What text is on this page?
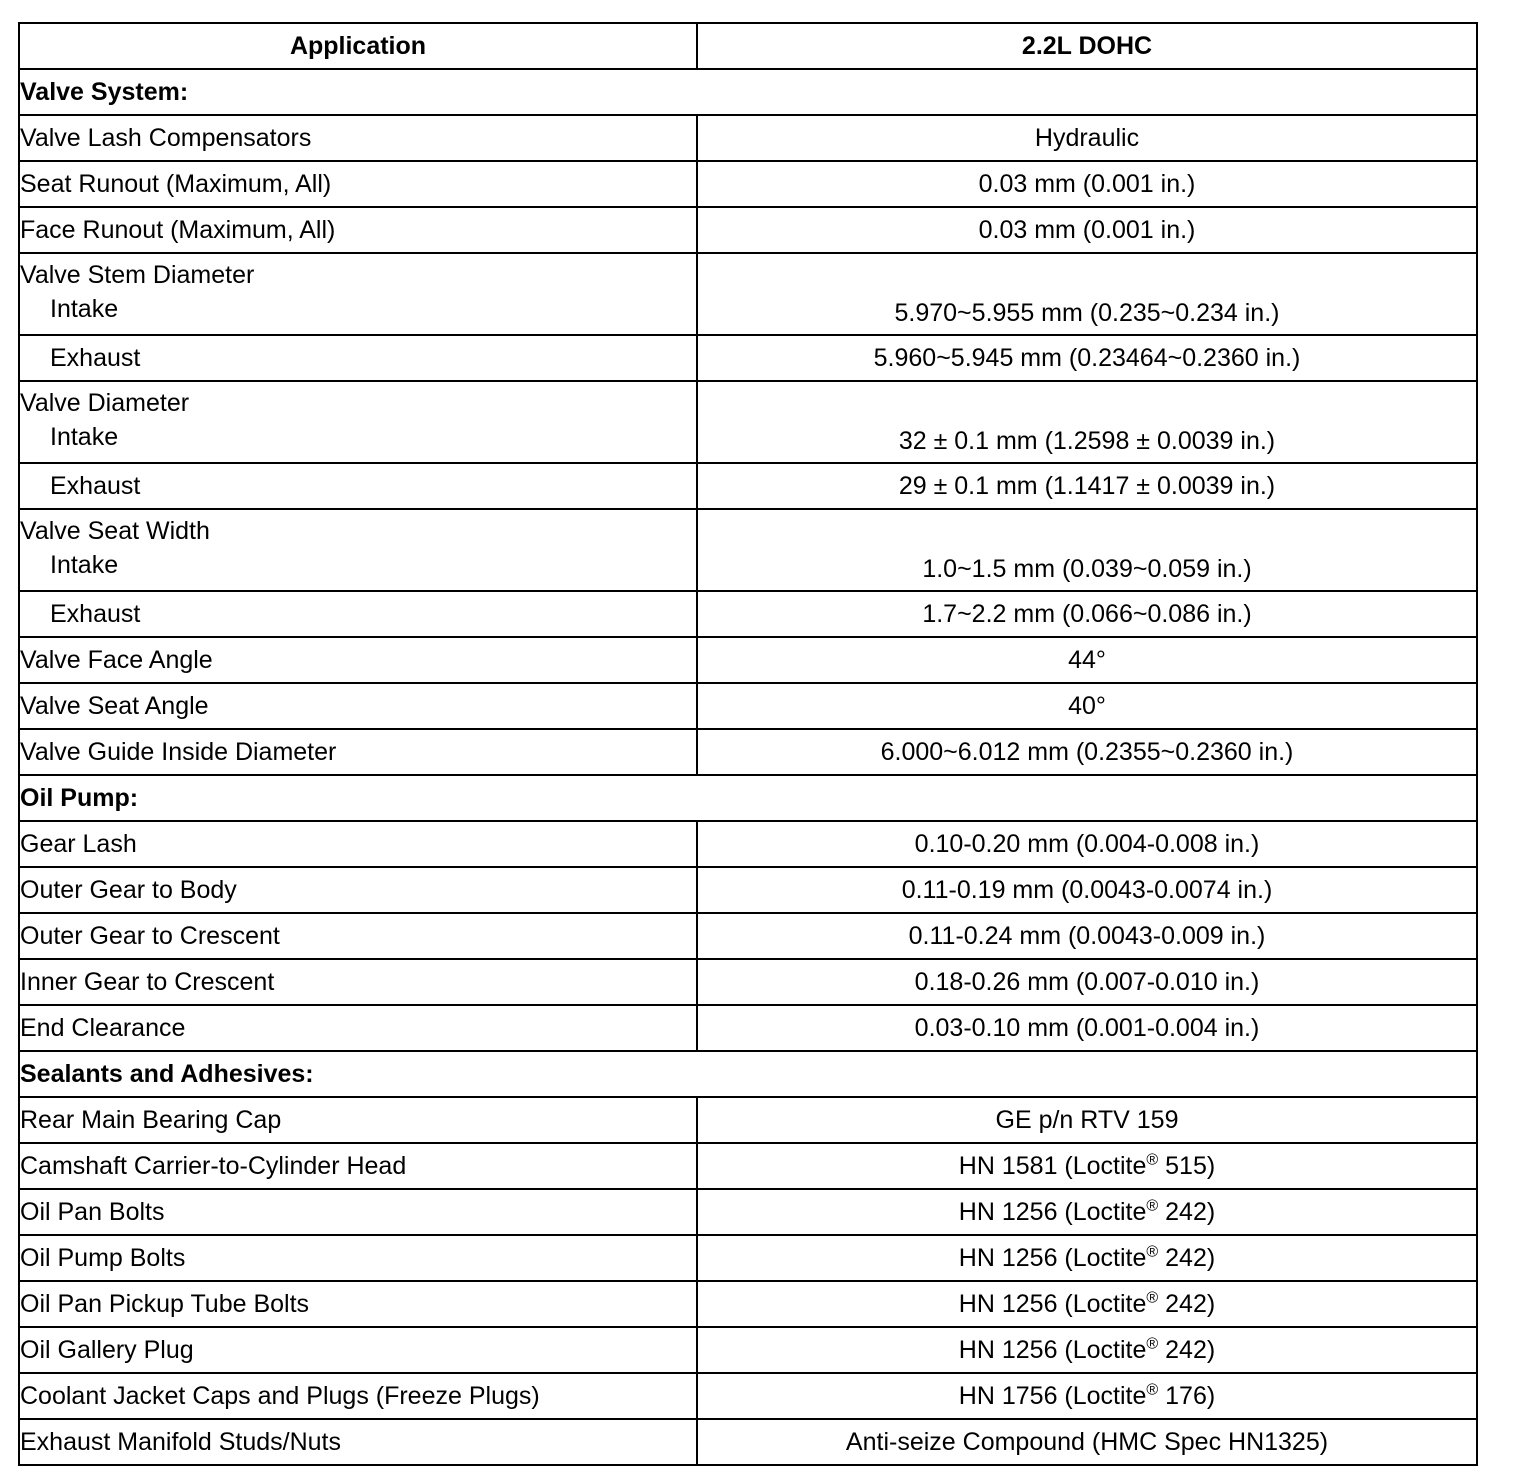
Application	2.2L DOHC
Valve System:	
Valve Lash Compensators	Hydraulic
Seat Runout (Maximum, All)	0.03 mm (0.001 in.)
Face Runout (Maximum, All)	0.03 mm (0.001 in.)
Valve Stem Diameter
Intake	5.970~5.955 mm (0.235~0.234 in.)

Exhaust	5.960~5.945 mm (0.23464~0.2360 in.)
Valve Diameter
Intake	32 ± 0.1 mm (1.2598 ± 0.0039 in.)

Exhaust	29 ± 0.1 mm (1.1417 ± 0.0039 in.)
Valve Seat Width
Intake	1.0~1.5 mm (0.039~0.059 in.)

Exhaust	1.7~2.2 mm (0.066~0.086 in.)
Valve Face Angle	44°
Valve Seat Angle	40°
Valve Guide Inside Diameter	6.000~6.012 mm (0.2355~0.2360 in.)
Oil Pump:	
Gear Lash	0.10-0.20 mm (0.004-0.008 in.)
Outer Gear to Body	0.11-0.19 mm (0.0043-0.0074 in.)
Outer Gear to Crescent	0.11-0.24 mm (0.0043-0.009 in.)
Inner Gear to Crescent	0.18-0.26 mm (0.007-0.010 in.)
End Clearance	0.03-0.10 mm (0.001-0.004 in.)
Sealants and Adhesives:	
Rear Main Bearing Cap	GE p/n RTV 159
Camshaft Carrier-to-Cylinder Head	HN 1581 (Loctite® 515)
Oil Pan Bolts	HN 1256 (Loctite® 242)
Oil Pump Bolts	HN 1256 (Loctite® 242)
Oil Pan Pickup Tube Bolts	HN 1256 (Loctite® 242)
Oil Gallery Plug	HN 1256 (Loctite® 242)
Coolant Jacket Caps and Plugs (Freeze Plugs)	HN 1756 (Loctite® 176)
Exhaust Manifold Studs/Nuts	Anti-seize Compound (HMC Spec HN1325)
